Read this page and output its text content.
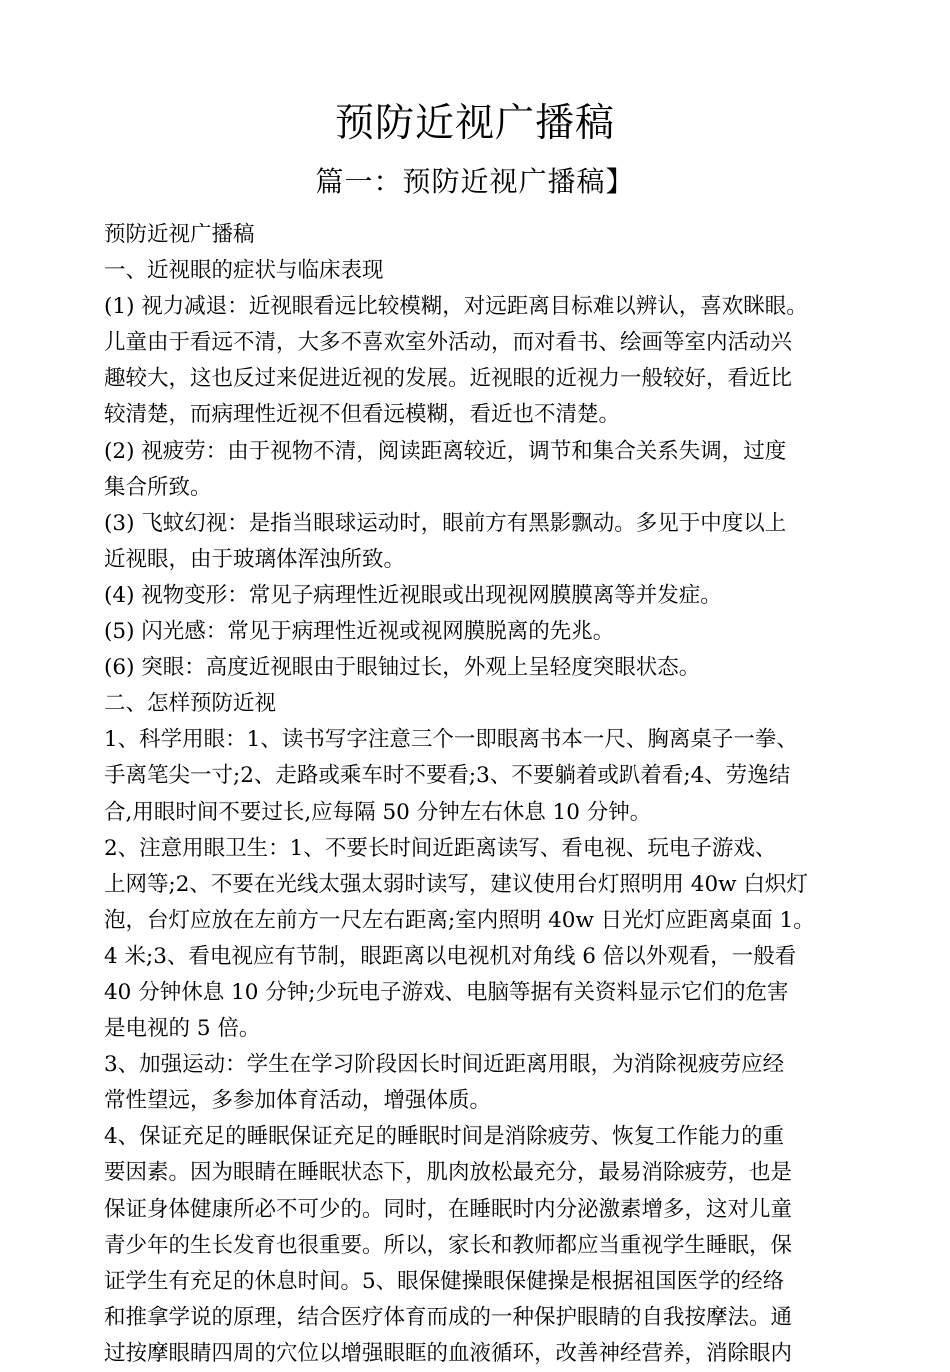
预防近视广播稿
篇一：预防近视广播稿】
预防近视广播稿
一、近视眼的症状与临床表现
(1) 视力减退：近视眼看远比较模糊，对远距离目标难以辨认，喜欢眯眼。
儿童由于看远不清，大多不喜欢室外活动，而对看书、绘画等室内活动兴
趣较大，这也反过来促进近视的发展。近视眼的近视力一般较好，看近比
较清楚，而病理性近视不但看远模糊，看近也不清楚。
(2) 视疲劳：由于视物不清，阅读距离较近，调节和集合关系失调，过度
集合所致。
(3) 飞蚊幻视：是指当眼球运动时，眼前方有黑影飘动。多见于中度以上
近视眼，由于玻璃体浑浊所致。
(4) 视物变形：常见子病理性近视眼或出现视网膜膜离等并发症。
(5) 闪光感：常见于病理性近视或视网膜脱离的先兆。
(6) 突眼：高度近视眼由于眼铀过长，外观上呈轻度突眼状态。
二、怎样预防近视
1、科学用眼：1、读书写字注意三个一即眼离书本一尺、胸离桌子一拳、
手离笔尖一寸;2、走路或乘车时不要看;3、不要躺着或趴着看;4、劳逸结
合,用眼时间不要过长,应每隔 50 分钟左右休息 10 分钟。
2、注意用眼卫生：1、不要长时间近距离读写、看电视、玩电子游戏、
上网等;2、不要在光线太强太弱时读写，建议使用台灯照明用 40w 白炽灯
泡，台灯应放在左前方一尺左右距离;室内照明 40w 日光灯应距离桌面 1。
4 米;3、看电视应有节制，眼距离以电视机对角线 6 倍以外观看，一般看
40 分钟休息 10 分钟;少玩电子游戏、电脑等据有关资料显示它们的危害
是电视的 5 倍。
3、加强运动：学生在学习阶段因长时间近距离用眼，为消除视疲劳应经
常性望远，多参加体育活动，增强体质。
4、保证充足的睡眠保证充足的睡眠时间是消除疲劳、恢复工作能力的重
要因素。因为眼睛在睡眠状态下，肌肉放松最充分，最易消除疲劳，也是
保证身体健康所必不可少的。同时，在睡眠时内分泌激素增多，这对儿童
青少年的生长发育也很重要。所以，家长和教师都应当重视学生睡眠，保
证学生有充足的休息时间。5、眼保健操眼保健操是根据祖国医学的经络
和推拿学说的原理，结合医疗体育而成的一种保护眼睛的自我按摩法。通
过按摩眼睛四周的穴位以增强眼眶的血液循环，改善神经营养，消除眼内
